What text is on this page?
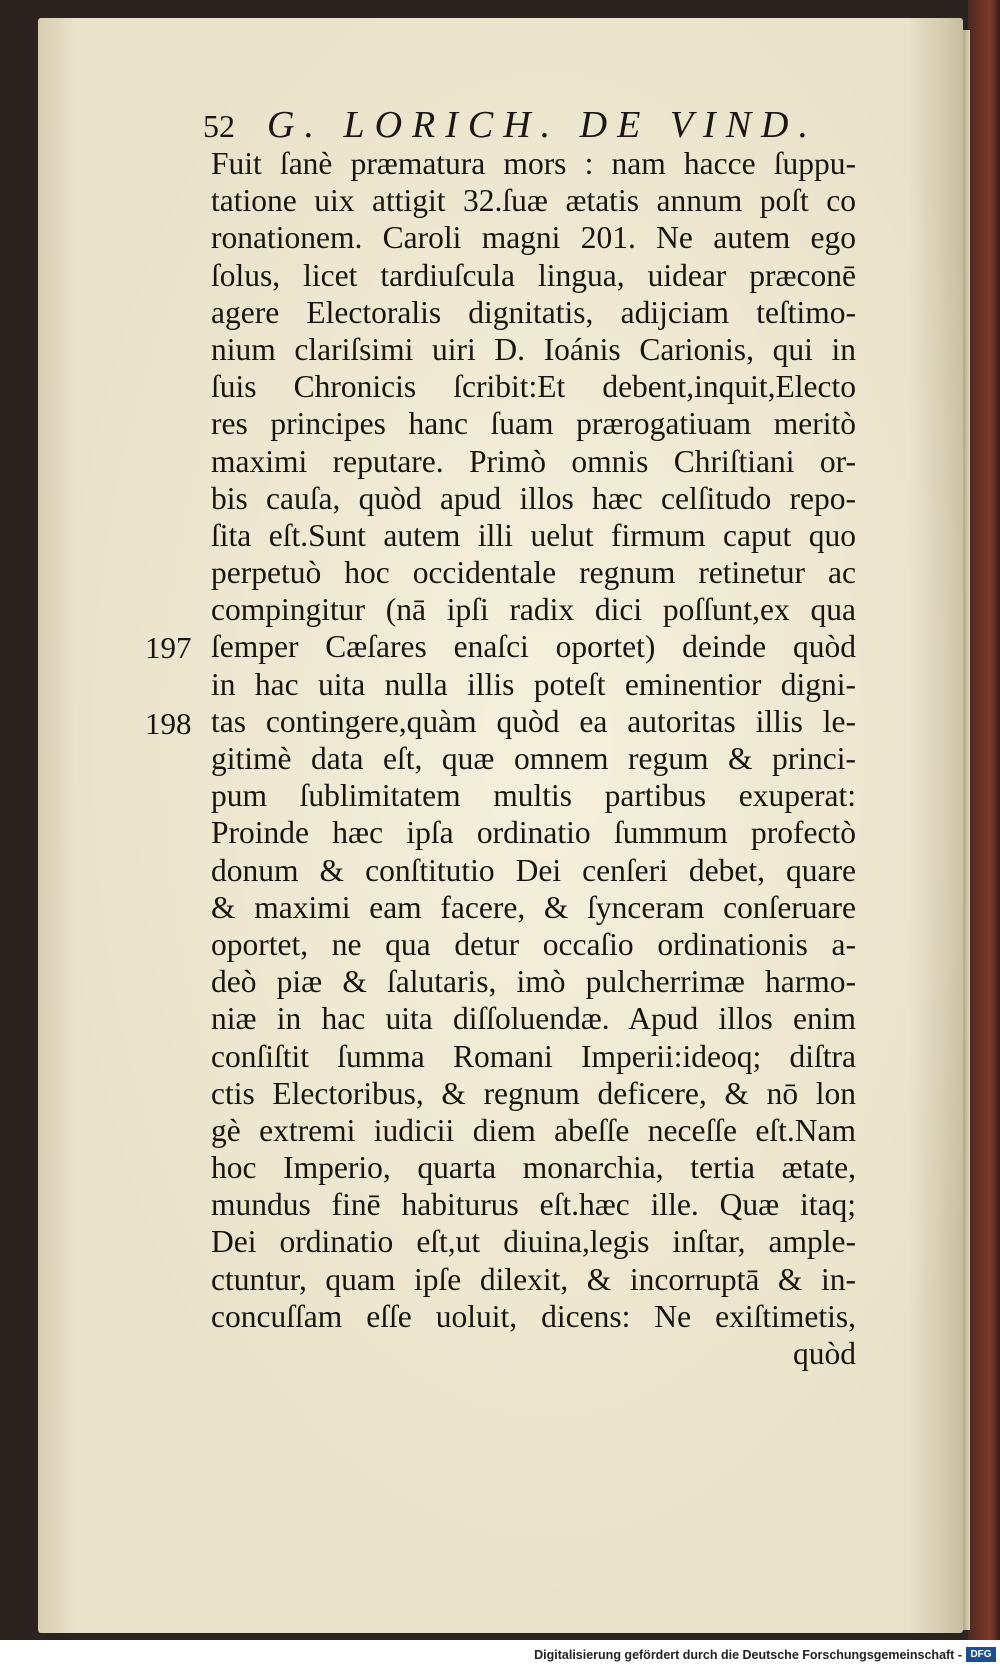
52 G. LORICH. DE VIND.
197
198
Fuit ſanè præmatura mors : nam hacce ſuppu-
tatione uix attigit 32.ſuæ ætatis annum poſt co
ronationem. Caroli magni 201. Ne autem ego
ſolus, licet tardiuſcula lingua, uidear præconē
agere Electoralis dignitatis, adijciam teſtimo-
nium clariſsimi uiri D. Ioánis Carionis, qui in
ſuis Chronicis ſcribit:Et debent,inquit,Electo
res principes hanc ſuam prærogatiuam meritò
maximi reputare. Primò omnis Chriſtiani or-
bis cauſa, quòd apud illos hæc celſitudo repo-
ſita eſt.Sunt autem illi uelut firmum caput quo
perpetuò hoc occidentale regnum retinetur ac
compingitur (nā ipſi radix dici poſſunt,ex qua
ſemper Cæſares enaſci oportet) deinde quòd
in hac uita nulla illis poteſt eminentior digni-
tas contingere,quàm quòd ea autoritas illis le-
gitimè data eſt, quæ omnem regum & princi-
pum ſublimitatem multis partibus exuperat:
Proinde hæc ipſa ordinatio ſummum profectò
donum & conſtitutio Dei cenſeri debet, quare
& maximi eam facere, & ſynceram conſeruare
oportet, ne qua detur occaſio ordinationis a-
deò piæ & ſalutaris, imò pulcherrimæ harmo-
niæ in hac uita diſſoluendæ. Apud illos enim
conſiſtit ſumma Romani Imperii:ideoq; diſtra
ctis Electoribus, & regnum deficere, & nō lon
gè extremi iudicii diem abeſſe neceſſe eſt.Nam
hoc Imperio, quarta monarchia, tertia ætate,
mundus finē habiturus eſt.hæc ille. Quæ itaq;
Dei ordinatio eſt,ut diuina,legis inſtar, ample-
ctuntur, quam ipſe dilexit, & incorruptā & in-
concuſſam eſſe uoluit, dicens: Ne exiſtimetis,
quòd
Digitalisierung gefördert durch die Deutsche Forschungsgemeinschaft - DFG
